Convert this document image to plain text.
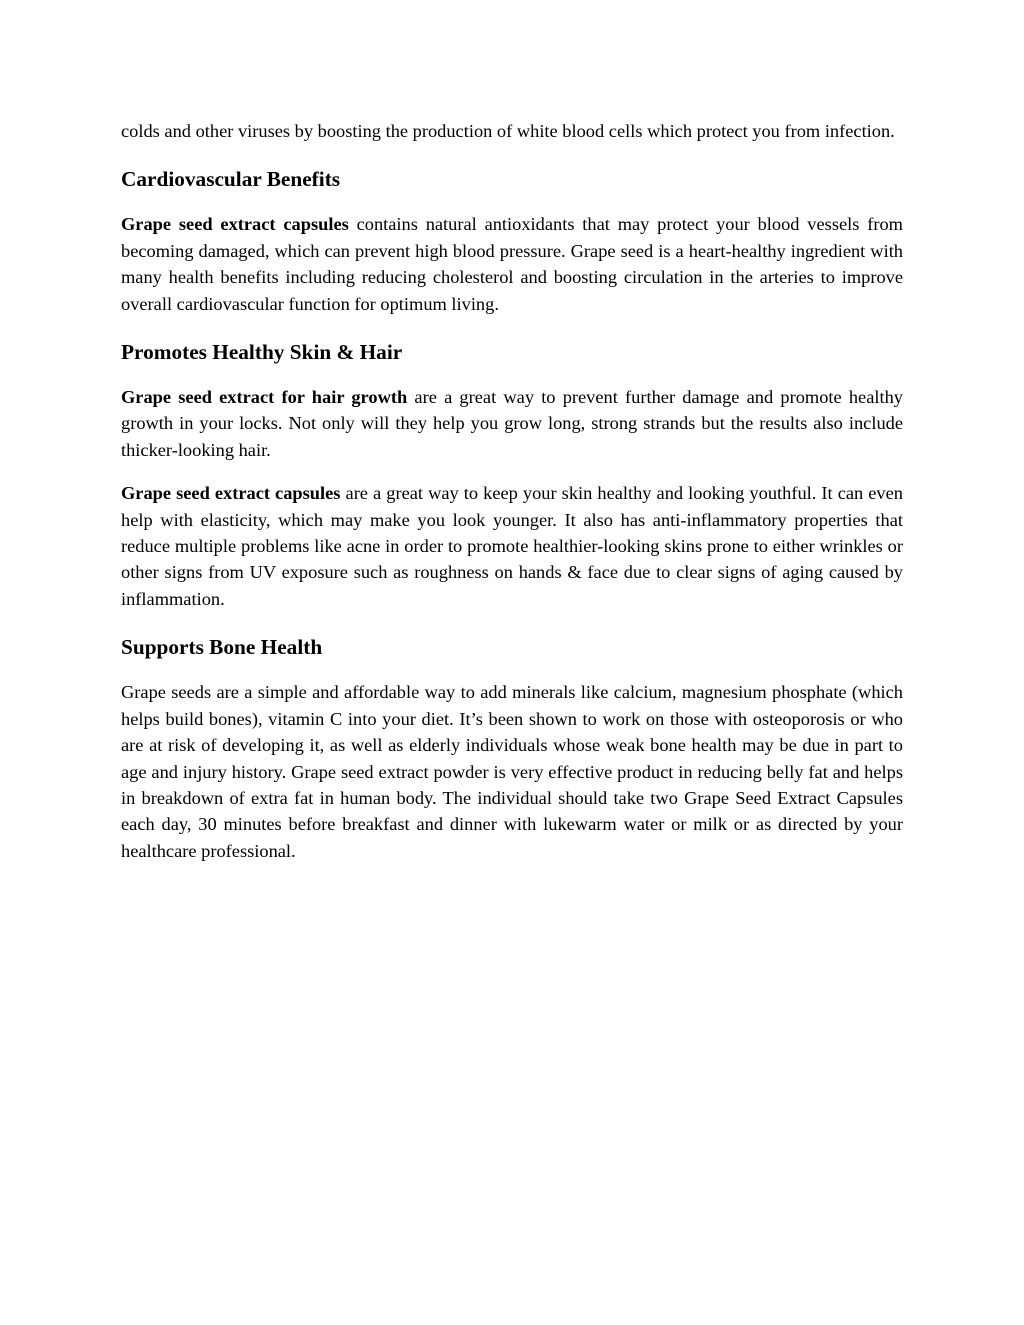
colds and other viruses by boosting the production of white blood cells which protect you from infection.

Cardiovascular Benefits

Grape seed extract capsules contains natural antioxidants that may protect your blood vessels from becoming damaged, which can prevent high blood pressure. Grape seed is a heart-healthy ingredient with many health benefits including reducing cholesterol and boosting circulation in the arteries to improve overall cardiovascular function for optimum living.

Promotes Healthy Skin & Hair

Grape seed extract for hair growth are a great way to prevent further damage and promote healthy growth in your locks. Not only will they help you grow long, strong strands but the results also include thicker-looking hair.

Grape seed extract capsules are a great way to keep your skin healthy and looking youthful. It can even help with elasticity, which may make you look younger. It also has anti-inflammatory properties that reduce multiple problems like acne in order to promote healthier-looking skins prone to either wrinkles or other signs from UV exposure such as roughness on hands & face due to clear signs of aging caused by inflammation.

Supports Bone Health

Grape seeds are a simple and affordable way to add minerals like calcium, magnesium phosphate (which helps build bones), vitamin C into your diet. It’s been shown to work on those with osteoporosis or who are at risk of developing it, as well as elderly individuals whose weak bone health may be due in part to age and injury history. Grape seed extract powder is very effective product in reducing belly fat and helps in breakdown of extra fat in human body. The individual should take two Grape Seed Extract Capsules each day, 30 minutes before breakfast and dinner with lukewarm water or milk or as directed by your healthcare professional.
